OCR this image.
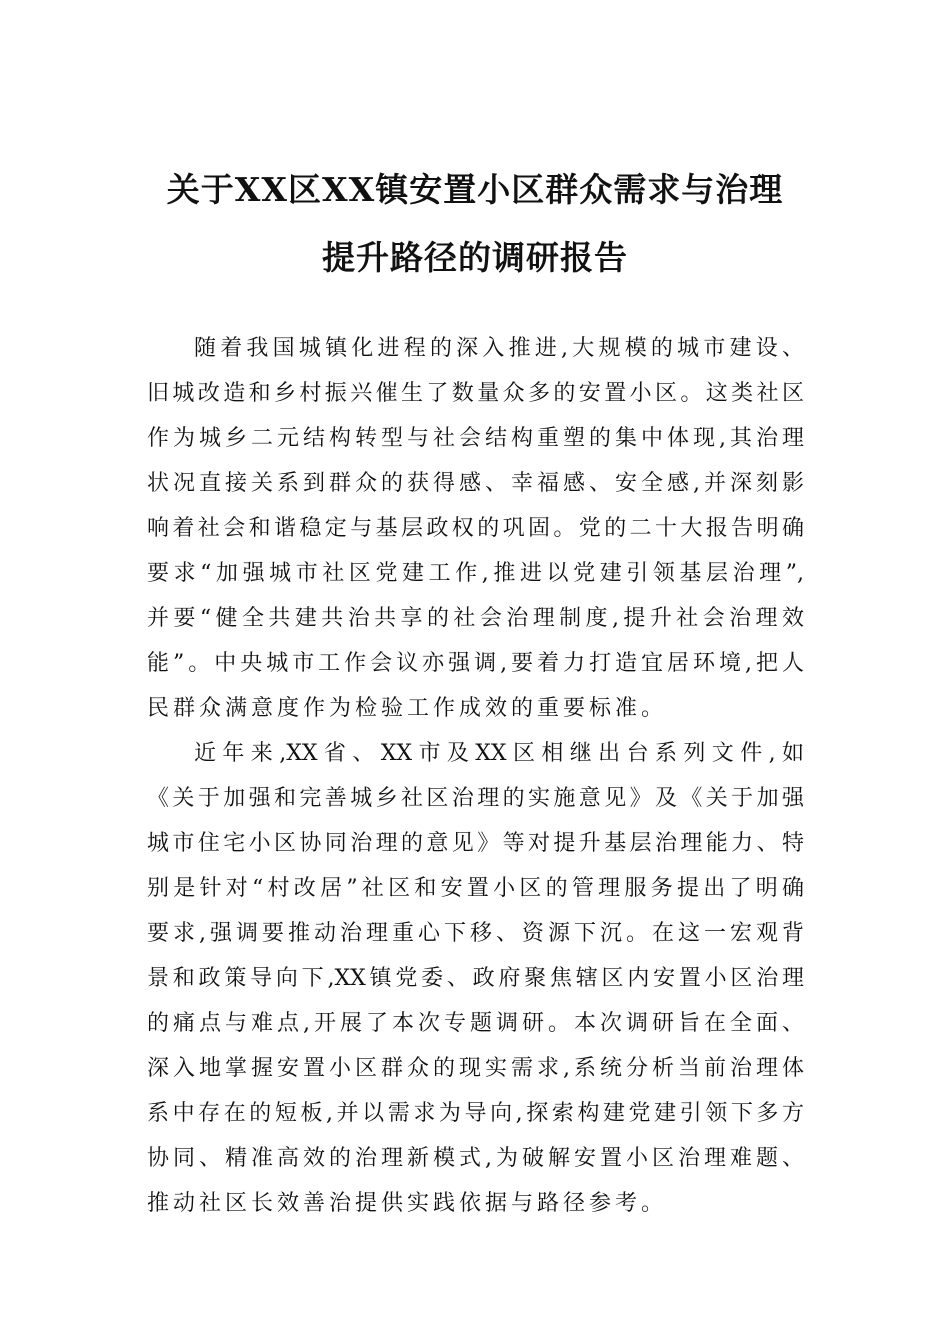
关于XX区XX镇安置小区群众需求与治理
提升路径的调研报告
随着我国城镇化进程的深入推进,大规模的城市建设、
旧城改造和乡村振兴催生了数量众多的安置小区。这类社区
作为城乡二元结构转型与社会结构重塑的集中体现,其治理
状况直接关系到群众的获得感、幸福感、安全感,并深刻影
响着社会和谐稳定与基层政权的巩固。党的二十大报告明确
要求“加强城市社区党建工作,推进以党建引领基层治理”,
并要“健全共建共治共享的社会治理制度,提升社会治理效
能”。中央城市工作会议亦强调,要着力打造宜居环境,把人
民群众满意度作为检验工作成效的重要标准。
近年来,XX省、XX市及XX区相继出台系列文件,如
《关于加强和完善城乡社区治理的实施意见》及《关于加强
城市住宅小区协同治理的意见》等对提升基层治理能力、特
别是针对“村改居”社区和安置小区的管理服务提出了明确
要求,强调要推动治理重心下移、资源下沉。在这一宏观背
景和政策导向下,XX镇党委、政府聚焦辖区内安置小区治理
的痛点与难点,开展了本次专题调研。本次调研旨在全面、
深入地掌握安置小区群众的现实需求,系统分析当前治理体
系中存在的短板,并以需求为导向,探索构建党建引领下多方
协同、精准高效的治理新模式,为破解安置小区治理难题、
推动社区长效善治提供实践依据与路径参考。
